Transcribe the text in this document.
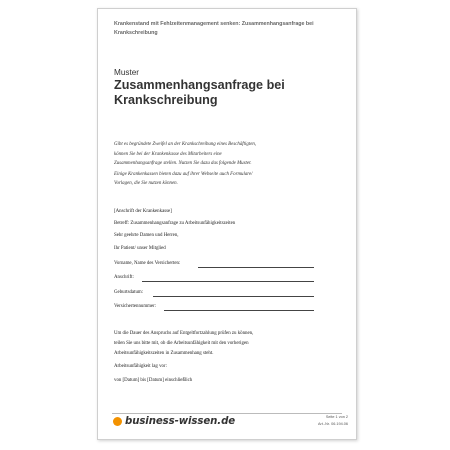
Krankenstand mit Fehlzeitenmanagement senken: Zusammenhangsanfrage bei
Krankschreibung
Muster
Zusammenhangsanfrage bei
Krankschreibung

Gibt es begründete Zweifel an der Krankschreibung eines Beschäftigten,

können Sie bei der Krankenkasse des Mitarbeiters eine

Zusammenhangsanfrage stellen. Nutzen Sie dazu das folgende Muster.

Einige Krankenkassen bieten dazu auf ihrer Webseite auch Formulare/

Vorlagen, die Sie nutzen können.

[Anschrift der Krankenkasse]
Betreff: Zusammenhangsanfrage zu Arbeitsunfähigkeitszeiten
Sehr geehrte Damen und Herren,
Ihr Patient/ unser Mitglied
Vorname, Name des Versicherten:
Anschrift:
Geburtsdatum:
Versichertennummer:
Um die Dauer des Anspruchs auf Entgeltfortzahlung prüfen zu können,
teilen Sie uns bitte mit, ob die Arbeitsunfähigkeit mit den vorherigen
Arbeitsunfähigkeitszeiten in Zusammenhang steht.
Arbeitsunfähigkeit lag vor:
von [Datum] bis [Datum] einschließlich
business-wissen.de	Seite 1 von 2
Art.-Nr. 06.194.06
